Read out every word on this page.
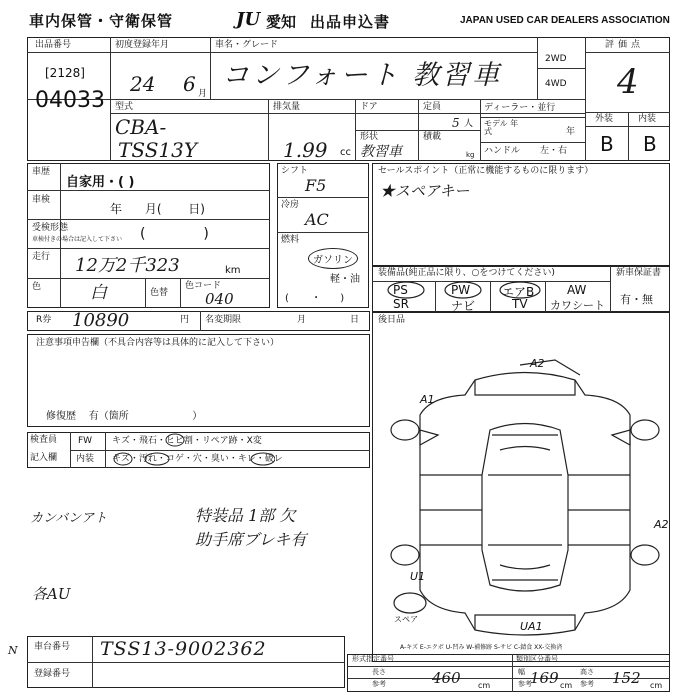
車内保管・守衛保管	JU 愛知 出品申込書	JAPAN USED CAR DEALERS ASSOCIATION
出品番号
[2128]
04033
初度登録年月
24 6 月
車名・グレード
コンフォート 教習車
2WD
4WD
評価点
4
外装	内装
B B
型式
CBA-
TSS13Y
排気量
1.99 cc
ドア	定員
5 人
形状
教習車
積載
kg
ディーラー・並行
モデル 年式	年
ハンドル 左・右
車歴
自家用・( )
車検
年      月(       日)
受検形態
車検付きの場合は記入して下さい (             )
走行 12万2千323	km
色	白	色替
色コード
040
シフト
F5
冷房
AC
燃料
ガソリン
軽・油
(       ・      )
セールスポイント（正常に機能するものに限ります）
★スペアキー
装備品(純正品に限り、○をつけてください)	新車保証書
有・無
PS	PW	エアB	AW
SR	ナビ	TV カワシート
R券 10890	円 名変期限	月	日 後日品
注意事項申告欄（不具合内容等は具体的に記入して下さい）
修復歴    有（箇所                    ）
検査員
記入欄
FW キズ・飛石・ヒビ割・リペア跡・X変
内装 キズ・汚れ・コゲ・穴・臭い・キレ・破レ
カンバンアト	特装品 1部 欠
助手席ブレキ有
各AU
A2
A1
A2
U1
UA1
スペア
A-キズ E-エクボ U-凹み W-補修跡 S-サビ C-錆食 XX-交換済
車台番号 TSS13-9002362
登録番号
形式指定番号	類別区分番号
長さ
参考	460 cm
幅
参考
169 cm
高さ
参考 152 cm
N
